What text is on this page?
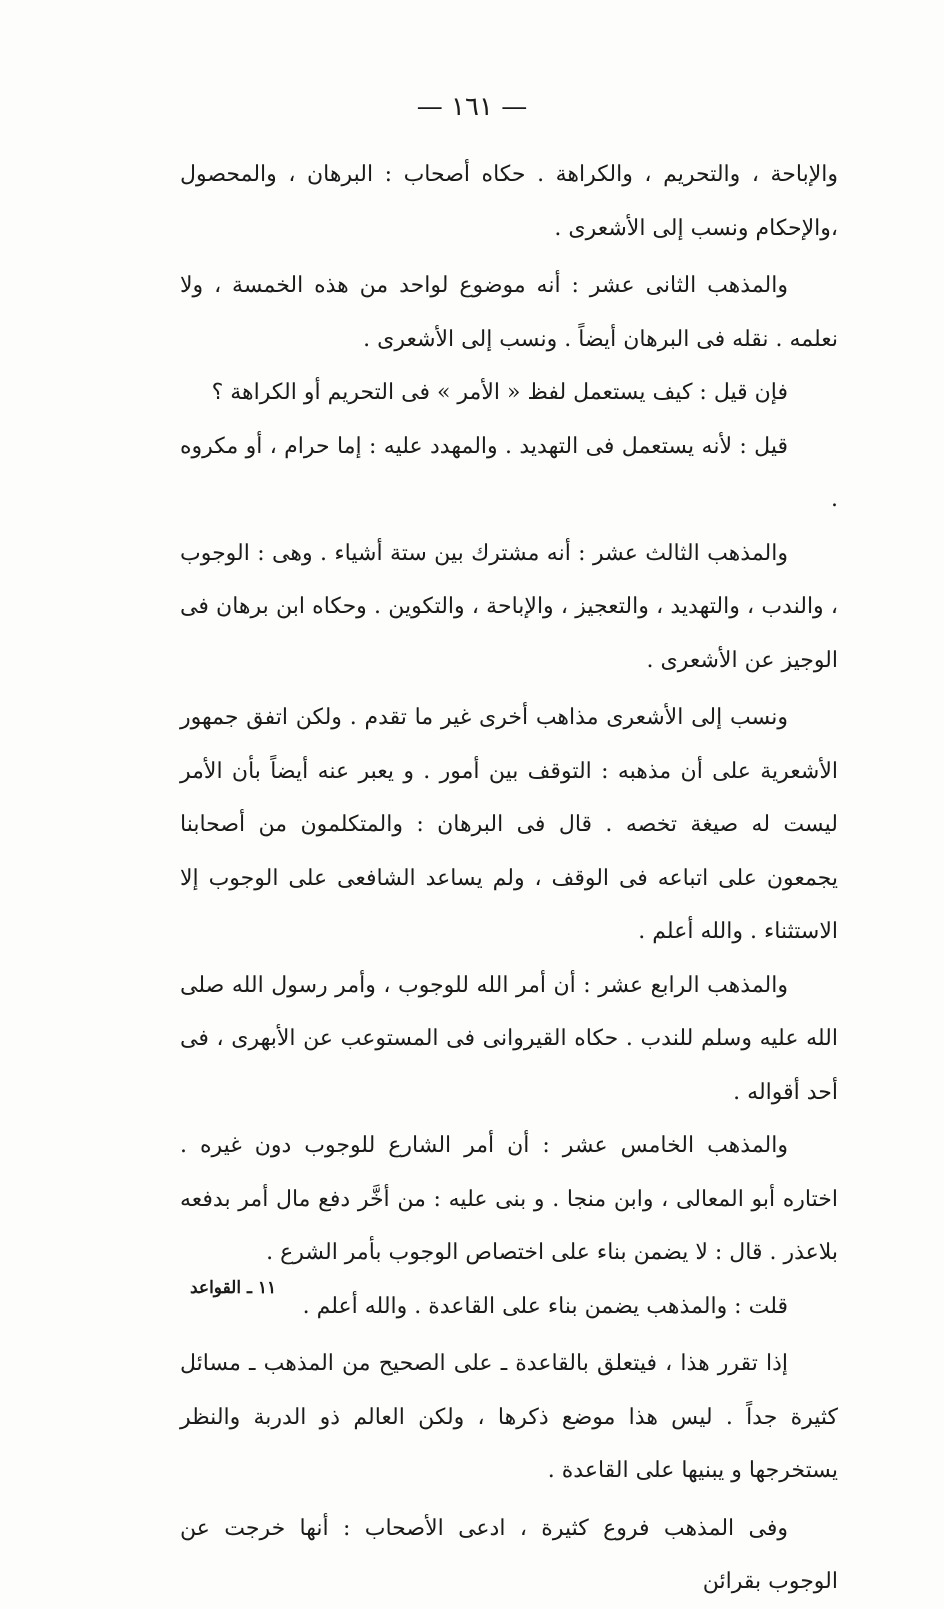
— ١٦١ —

والإباحة ، والتحريم ، والكراهة . حكاه أصحاب : البرهان ، والمحصول ،والإحكام ونسب إلى الأشعرى .

والمذهب الثانى عشر : أنه موضوع لواحد من هذه الخمسة ، ولا نعلمه . نقله فى البرهان أيضاً . ونسب إلى الأشعرى .

فإن قيل : كيف يستعمل لفظ « الأمر » فى التحريم أو الكراهة ؟

قيل : لأنه يستعمل فى التهديد . والمهدد عليه : إما حرام ، أو مكروه .

والمذهب الثالث عشر : أنه مشترك بين ستة أشياء . وهى : الوجوب ، والندب ، والتهديد ، والتعجيز ، والإباحة ، والتكوين . وحكاه ابن برهان فى الوجيز عن الأشعرى .

ونسب إلى الأشعرى مذاهب أخرى غير ما تقدم . ولكن اتفق جمهور الأشعرية على أن مذهبه : التوقف بين أمور . و يعبر عنه أيضاً بأن الأمر ليست له صيغة تخصه . قال فى البرهان : والمتكلمون من أصحابنا يجمعون على اتباعه فى الوقف ، ولم يساعد الشافعى على الوجوب إلا الاستثناء . والله أعلم .

والمذهب الرابع عشر : أن أمر الله للوجوب ، وأمر رسول الله صلى الله عليه وسلم للندب . حكاه القيروانى فى المستوعب عن الأبهرى ، فى أحد أقواله .

والمذهب الخامس عشر : أن أمر الشارع للوجوب دون غيره . اختاره أبو المعالى ، وابن منجا . و بنى عليه : من أخَّر دفع مال أمر بدفعه بلاعذر . قال : لا يضمن بناء على اختصاص الوجوب بأمر الشرع .

قلت : والمذهب يضمن بناء على القاعدة . والله أعلم .

إذا تقرر هذا ، فيتعلق بالقاعدة ـ على الصحيح من المذهب ـ مسائل كثيرة جداً . ليس هذا موضع ذكرها ، ولكن العالم ذو الدربة والنظر يستخرجها و يبنيها على القاعدة .

وفى المذهب فروع كثيرة ، ادعى الأصحاب : أنها خرجت عن الوجوب بقرائن

١١ ـ القواعد
